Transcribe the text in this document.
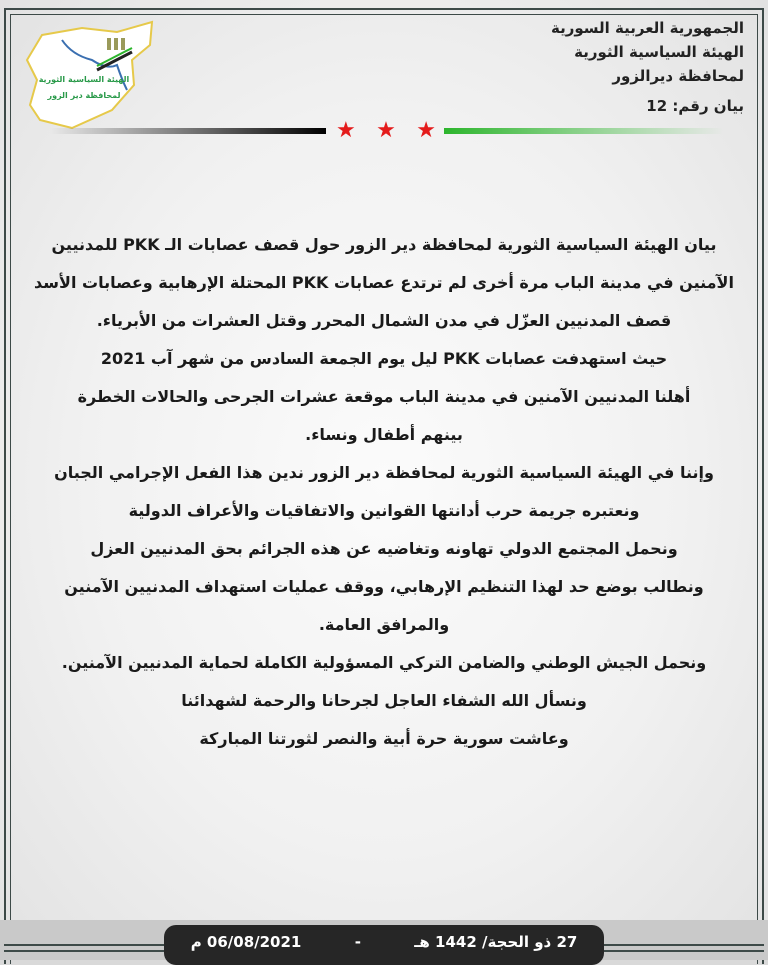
الهيئة السياسية الثورية
لمحافظة دير الزور
الجمهورية العربية السورية
الهيئة السياسية الثورية
لمحافظة ديرالزور
بيان رقم: 12
★ ★ ★
بيان الهيئة السياسية الثورية لمحافظة دير الزور حول قصف عصابات الـ PKK للمدنيين
الآمنين في مدينة الباب مرة أخرى لم ترتدع عصابات PKK المحتلة الإرهابية وعصابات الأسد
قصف المدنيين العزّل في مدن الشمال المحرر وقتل العشرات من الأبرياء.
حيث استهدفت عصابات PKK ليل يوم الجمعة السادس من شهر آب 2021
أهلنا المدنيين الآمنين في مدينة الباب موقعة عشرات الجرحى والحالات الخطرة
بينهم أطفال ونساء.
وإننا في الهيئة السياسية الثورية لمحافظة دير الزور ندين هذا الفعل الإجرامي الجبان
ونعتبره جريمة حرب أدانتها القوانين والاتفاقيات والأعراف الدولية
ونحمل المجتمع الدولي تهاونه وتغاضيه عن هذه الجرائم بحق المدنيين العزل
ونطالب بوضع حد لهذا التنظيم الإرهابي، ووقف عمليات استهداف المدنيين الآمنين
والمرافق العامة.
ونحمل الجيش الوطني والضامن التركي المسؤولية الكاملة لحماية المدنيين الآمنين.
ونسأل الله الشفاء العاجل لجرحانا والرحمة لشهدائنا
وعاشت سورية حرة أبية والنصر لثورتنا المباركة
27 ذو الحجة/ 1442 هـ
-
06/08/2021 م
